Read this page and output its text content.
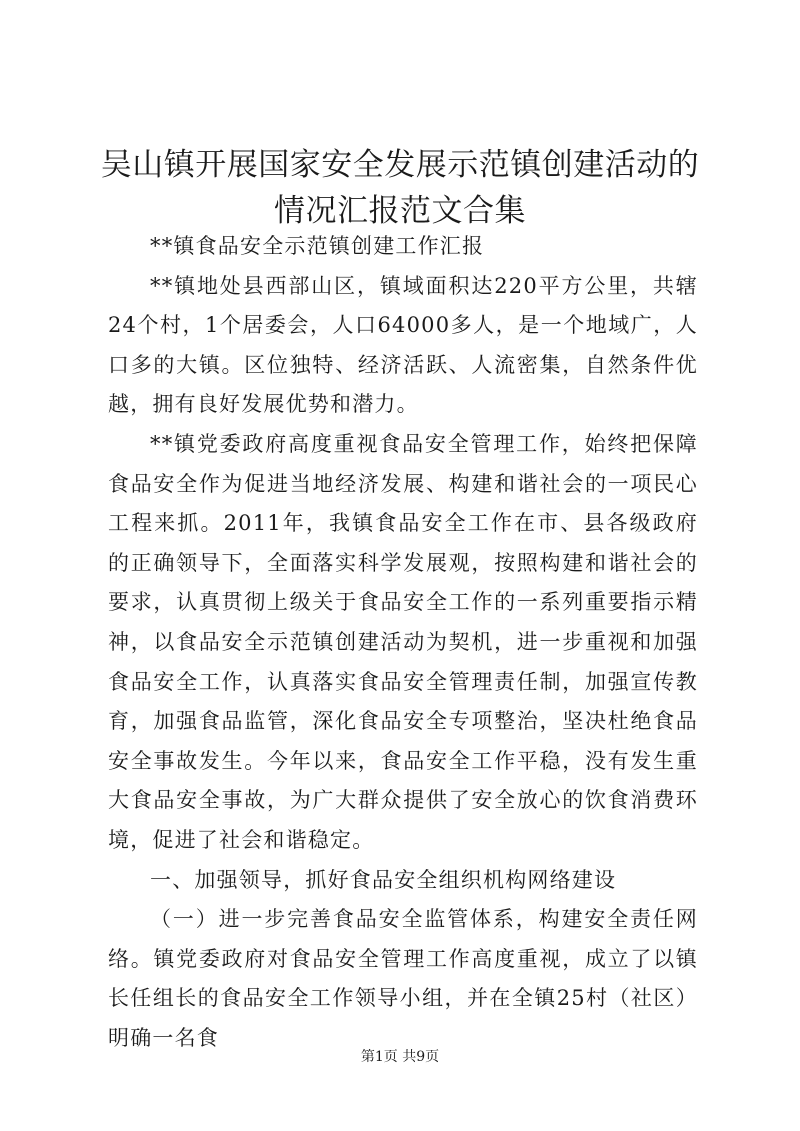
吴山镇开展国家安全发展示范镇创建活动的情况汇报范文合集

**镇食品安全示范镇创建工作汇报

**镇地处县西部山区，镇域面积达220平方公里，共辖24个村，1个居委会，人口64000多人，是一个地域广，人口多的大镇。区位独特、经济活跃、人流密集，自然条件优越，拥有良好发展优势和潜力。

**镇党委政府高度重视食品安全管理工作，始终把保障食品安全作为促进当地经济发展、构建和谐社会的一项民心工程来抓。2011年，我镇食品安全工作在市、县各级政府的正确领导下，全面落实科学发展观，按照构建和谐社会的要求，认真贯彻上级关于食品安全工作的一系列重要指示精神，以食品安全示范镇创建活动为契机，进一步重视和加强食品安全工作，认真落实食品安全管理责任制，加强宣传教育，加强食品监管，深化食品安全专项整治，坚决杜绝食品安全事故发生。今年以来，食品安全工作平稳，没有发生重大食品安全事故，为广大群众提供了安全放心的饮食消费环境，促进了社会和谐稳定。

一、加强领导，抓好食品安全组织机构网络建设

（一）进一步完善食品安全监管体系，构建安全责任网络。镇党委政府对食品安全管理工作高度重视，成立了以镇长任组长的食品安全工作领导小组，并在全镇25村（社区）明确一名食

第1页 共9页
